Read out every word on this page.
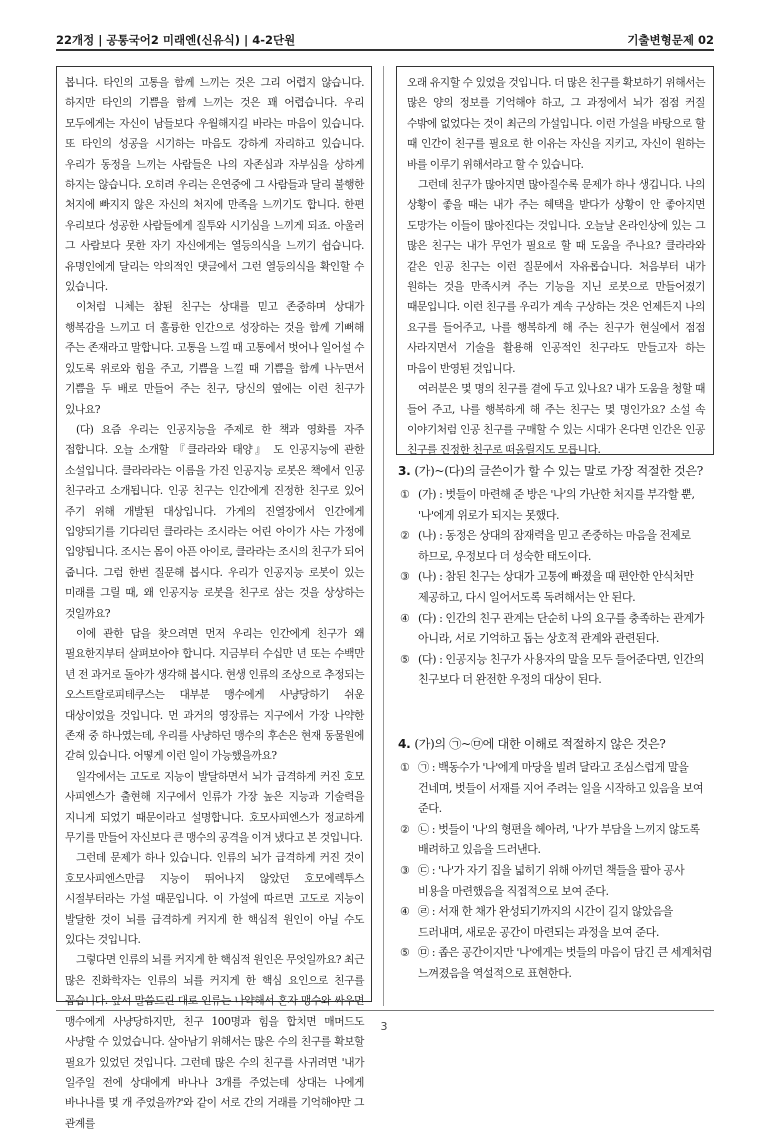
22개정 | 공통국어2 미래엔(신유식) | 4-2단원	기출변형문제 02

봅니다. 타인의 고통을 함께 느끼는 것은 그리 어렵지 않습니다. 하지만 타인의 기쁨을 함께 느끼는 것은 꽤 어렵습니다. 우리 모두에게는 자신이 남들보다 우월해지길 바라는 마음이 있습니다. 또 타인의 성공을 시기하는 마음도 강하게 자리하고 있습니다. 우리가 동정을 느끼는 사람들은 나의 자존심과 자부심을 상하게 하지는 않습니다. 오히려 우리는 은연중에 그 사람들과 달리 불행한 처지에 빠지지 않은 자신의 처지에 만족을 느끼기도 합니다. 한편 우리보다 성공한 사람들에게 질투와 시기심을 느끼게 되죠. 아울러 그 사람보다 못한 자기 자신에게는 열등의식을 느끼기 쉽습니다. 유명인에게 달리는 악의적인 댓글에서 그런 열등의식을 확인할 수 있습니다.

이처럼 니체는 참된 친구는 상대를 믿고 존중하며 상대가 행복감을 느끼고 더 훌륭한 인간으로 성장하는 것을 함께 기뻐해 주는 존재라고 말합니다. 고통을 느낄 때 고통에서 벗어나 일어설 수 있도록 위로와 힘을 주고, 기쁨을 느낄 때 기쁨을 함께 나누면서 기쁨을 두 배로 만들어 주는 친구, 당신의 옆에는 이런 친구가 있나요?

(다) 요즘 우리는 인공지능을 주제로 한 책과 영화를 자주 접합니다. 오늘 소개할 『클라라와 태양』 도 인공지능에 관한 소설입니다. 클라라라는 이름을 가진 인공지능 로봇은 책에서 인공 친구라고 소개됩니다. 인공 친구는 인간에게 진정한 친구로 있어 주기 위해 개발된 대상입니다. 가게의 진열장에서 인간에게 입양되기를 기다리던 클라라는 조시라는 어린 아이가 사는 가정에 입양됩니다. 조시는 몸이 아픈 아이로, 클라라는 조시의 친구가 되어 줍니다. 그럼 한번 질문해 봅시다. 우리가 인공지능 로봇이 있는 미래를 그릴 때, 왜 인공지능 로봇을 친구로 삼는 것을 상상하는 것일까요?

이에 관한 답을 찾으려면 먼저 우리는 인간에게 친구가 왜 필요한지부터 살펴보아야 합니다. 지금부터 수십만 년 또는 수백만 년 전 과거로 돌아가 생각해 봅시다. 현생 인류의 조상으로 추정되는 오스트랄로피테쿠스는 대부분 맹수에게 사냥당하기 쉬운 대상이었을 것입니다. 먼 과거의 영장류는 지구에서 가장 나약한 존재 중 하나였는데, 우리를 사냥하던 맹수의 후손은 현재 동물원에 갇혀 있습니다. 어떻게 이런 일이 가능했을까요?

일각에서는 고도로 지능이 발달하면서 뇌가 급격하게 커진 호모 사피엔스가 출현해 지구에서 인류가 가장 높은 지능과 기술력을 지니게 되었기 때문이라고 설명합니다. 호모사피엔스가 정교하게 무기를 만들어 자신보다 큰 맹수의 공격을 이겨 냈다고 본 것입니다.

그런데 문제가 하나 있습니다. 인류의 뇌가 급격하게 커진 것이 호모사피엔스만큼 지능이 뛰어나지 않았던 호모에렉투스 시절부터라는 가설 때문입니다. 이 가설에 따르면 고도로 지능이 발달한 것이 뇌를 급격하게 커지게 한 핵심적 원인이 아닐 수도 있다는 것입니다.

그렇다면 인류의 뇌를 커지게 한 핵심적 원인은 무엇일까요? 최근 많은 진화학자는 인류의 뇌를 커지게 한 핵심 요인으로 친구를 꼽습니다. 앞서 말씀드린 대로 인류는 나약해서 혼자 맹수와 싸우면 맹수에게 사냥당하지만, 친구 100명과 힘을 합치면 매머드도 사냥할 수 있었습니다. 살아남기 위해서는 많은 수의 친구를 확보할 필요가 있었던 것입니다. 그런데 많은 수의 친구를 사귀려면 '내가 일주일 전에 상대에게 바나나 3개를 주었는데 상대는 나에게 바나나를 몇 개 주었을까?'와 같이 서로 간의 거래를 기억해야만 그 관계를

오래 유지할 수 있었을 것입니다. 더 많은 친구를 확보하기 위해서는 많은 양의 정보를 기억해야 하고, 그 과정에서 뇌가 점점 커질 수밖에 없었다는 것이 최근의 가설입니다. 이런 가설을 바탕으로 할 때 인간이 친구를 필요로 한 이유는 자신을 지키고, 자신이 원하는 바를 이루기 위해서라고 할 수 있습니다.

그런데 친구가 많아지면 많아질수록 문제가 하나 생깁니다. 나의 상황이 좋을 때는 내가 주는 혜택을 받다가 상황이 안 좋아지면 도망가는 이들이 많아진다는 것입니다. 오늘날 온라인상에 있는 그 많은 친구는 내가 무언가 필요로 할 때 도움을 주나요? 클라라와 같은 인공 친구는 이런 질문에서 자유롭습니다. 처음부터 내가 원하는 것을 만족시켜 주는 기능을 지닌 로봇으로 만들어졌기 때문입니다. 이런 친구를 우리가 계속 구상하는 것은 언제든지 나의 요구를 들어주고, 나를 행복하게 해 주는 친구가 현실에서 점점 사라지면서 기술을 활용해 인공적인 친구라도 만들고자 하는 마음이 반영된 것입니다.

여러분은 몇 명의 친구를 곁에 두고 있나요? 내가 도움을 청할 때 들어 주고, 나를 행복하게 해 주는 친구는 몇 명인가요? 소설 속 이야기처럼 인공 친구를 구매할 수 있는 시대가 온다면 인간은 인공 친구를 진정한 친구로 떠올릴지도 모릅니다.

3. (가)~(다)의 글쓴이가 할 수 있는 말로 가장 적절한 것은?

① (가) : 벗들이 마련해 준 방은 '나'의 가난한 처지를 부각할 뿐, '나'에게 위로가 되지는 못했다.

② (나) : 동정은 상대의 잠재력을 믿고 존중하는 마음을 전제로 하므로, 우정보다 더 성숙한 태도이다.

③ (나) : 참된 친구는 상대가 고통에 빠졌을 때 편안한 안식처만 제공하고, 다시 일어서도록 독려해서는 안 된다.

④ (다) : 인간의 친구 관계는 단순히 나의 요구를 충족하는 관계가 아니라, 서로 기억하고 돕는 상호적 관계와 관련된다.

⑤ (다) : 인공지능 친구가 사용자의 말을 모두 들어준다면, 인간의 친구보다 더 완전한 우정의 대상이 된다.

4. (가)의 ㉠~㉤에 대한 이해로 적절하지 않은 것은?

① ㉠ : 백동수가 '나'에게 마당을 빌려 달라고 조심스럽게 말을 건네며, 벗들이 서재를 지어 주려는 일을 시작하고 있음을 보여 준다.

② ㉡ : 벗들이 '나'의 형편을 헤아려, '나'가 부담을 느끼지 않도록 배려하고 있음을 드러낸다.

③ ㉢ : '나'가 자기 집을 넓히기 위해 아끼던 책들을 팔아 공사 비용을 마련했음을 직접적으로 보여 준다.

④ ㉣ : 서재 한 채가 완성되기까지의 시간이 길지 않았음을 드러내며, 새로운 공간이 마련되는 과정을 보여 준다.

⑤ ㉤ : 좁은 공간이지만 '나'에게는 벗들의 마음이 담긴 큰 세계처럼 느껴졌음을 역설적으로 표현한다.

3
